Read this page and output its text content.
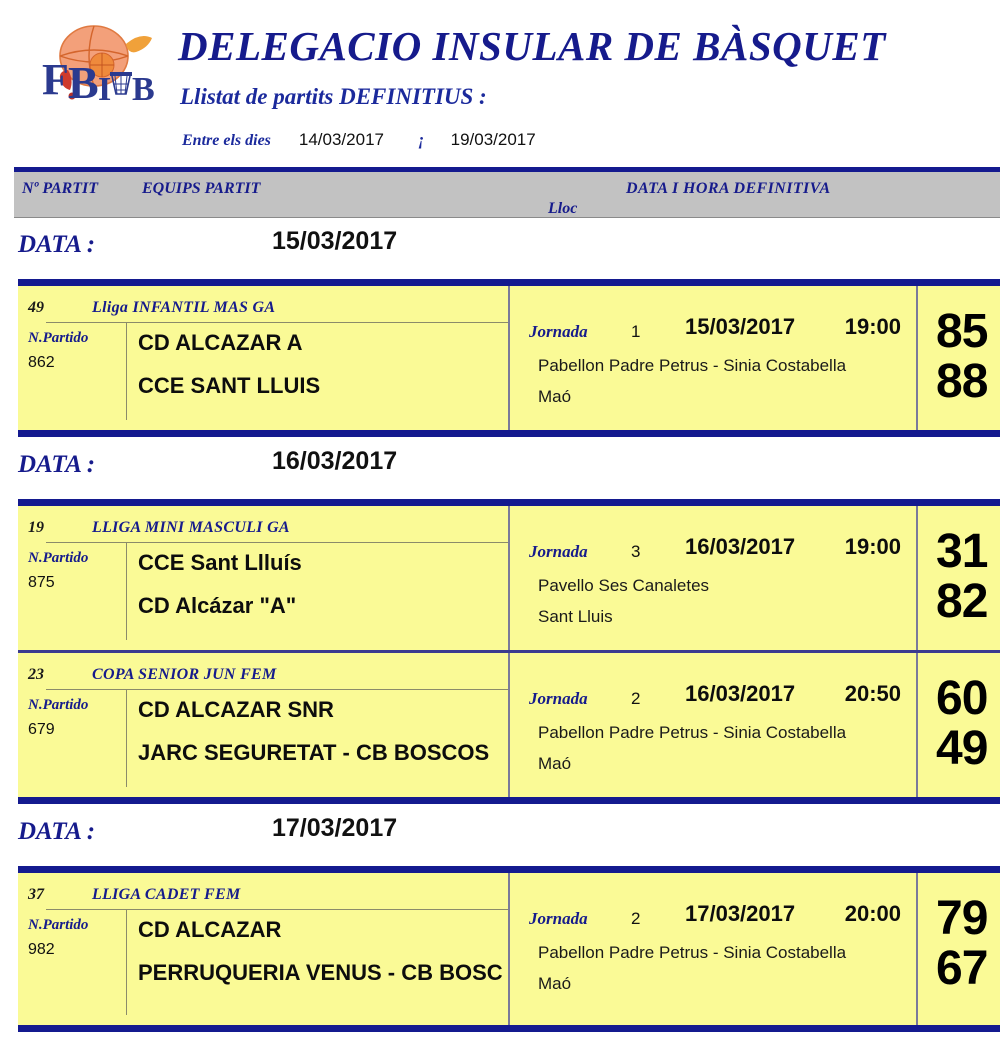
F B I B
DELEGACIO INSULAR DE BÀSQUET
Llistat de partits DEFINITIUS :
Entre els dies 14/03/2017 ¡ 19/03/2017
Nº PARTIT	EQUIPS PARTIT	DATA I HORA DEFINITIVA
Lloc
DATA :	15/03/2017
49	Lliga INFANTIL MAS GA
N.Partido
862
CD ALCAZAR A
CCE SANT LLUIS
Jornada	1 15/03/2017 19:00
Pabellon Padre Petrus - Sinia Costabella
Maó
85
88
DATA :	16/03/2017
19	LLIGA MINI MASCULI GA
N.Partido
875
CCE Sant Llluís
CD Alcázar "A"
Jornada	3 16/03/2017 19:00
Pavello Ses Canaletes
Sant Lluis
31
82
23	COPA SENIOR JUN FEM
N.Partido
679
CD ALCAZAR SNR
JARC SEGURETAT - CB BOSCOS
Jornada	2 16/03/2017 20:50
Pabellon Padre Petrus - Sinia Costabella
Maó
60
49
DATA :	17/03/2017
37	LLIGA CADET FEM
N.Partido
982
CD ALCAZAR
PERRUQUERIA VENUS - CB BOSC
Jornada	2 17/03/2017 20:00
Pabellon Padre Petrus - Sinia Costabella
Maó
79
67
